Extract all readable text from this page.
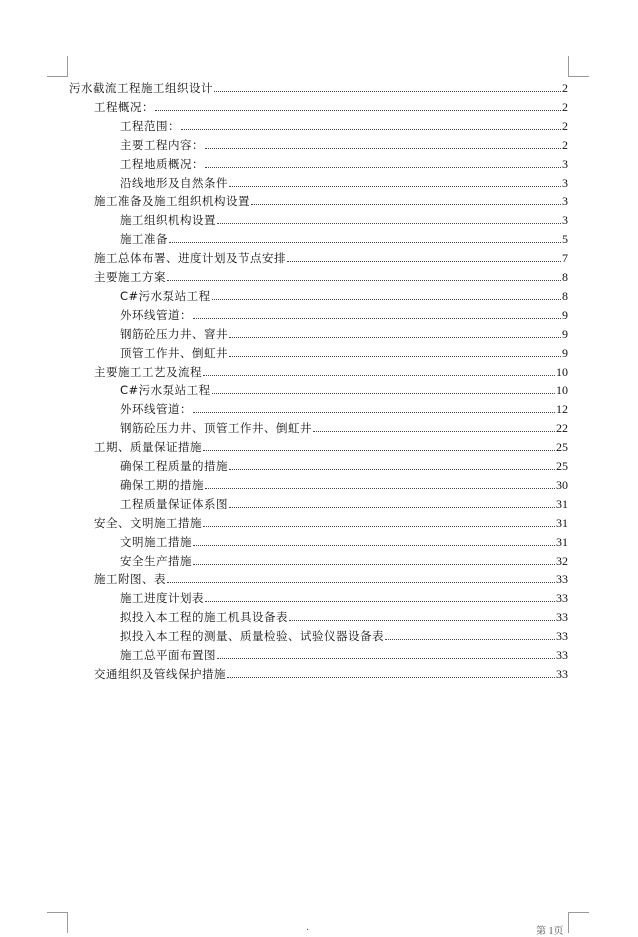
污水截流工程施工组织设计	2
工程概况：	2
工程范围：	2
主要工程内容：	2
工程地质概况：	3
沿线地形及自然条件	3
施工准备及施工组织机构设置	3
施工组织机构设置	3
施工准备	5
施工总体布署、进度计划及节点安排	7
主要施工方案	8
C#污水泵站工程	8
外环线管道：	9
钢筋砼压力井、窨井	9
顶管工作井、倒虹井	9
主要施工工艺及流程	10
C#污水泵站工程	10
外环线管道：	12
钢筋砼压力井、顶管工作井、倒虹井	22
工期、质量保证措施	25
确保工程质量的措施	25
确保工期的措施	30
工程质量保证体系图	31
安全、文明施工措施	31
文明施工措施	31
安全生产措施	32
施工附图、表	33
施工进度计划表	33
拟投入本工程的施工机具设备表	33
拟投入本工程的测量、质量检验、试验仪器设备表	33
施工总平面布置图	33
交通组织及管线保护措施	33
.	第 1页
